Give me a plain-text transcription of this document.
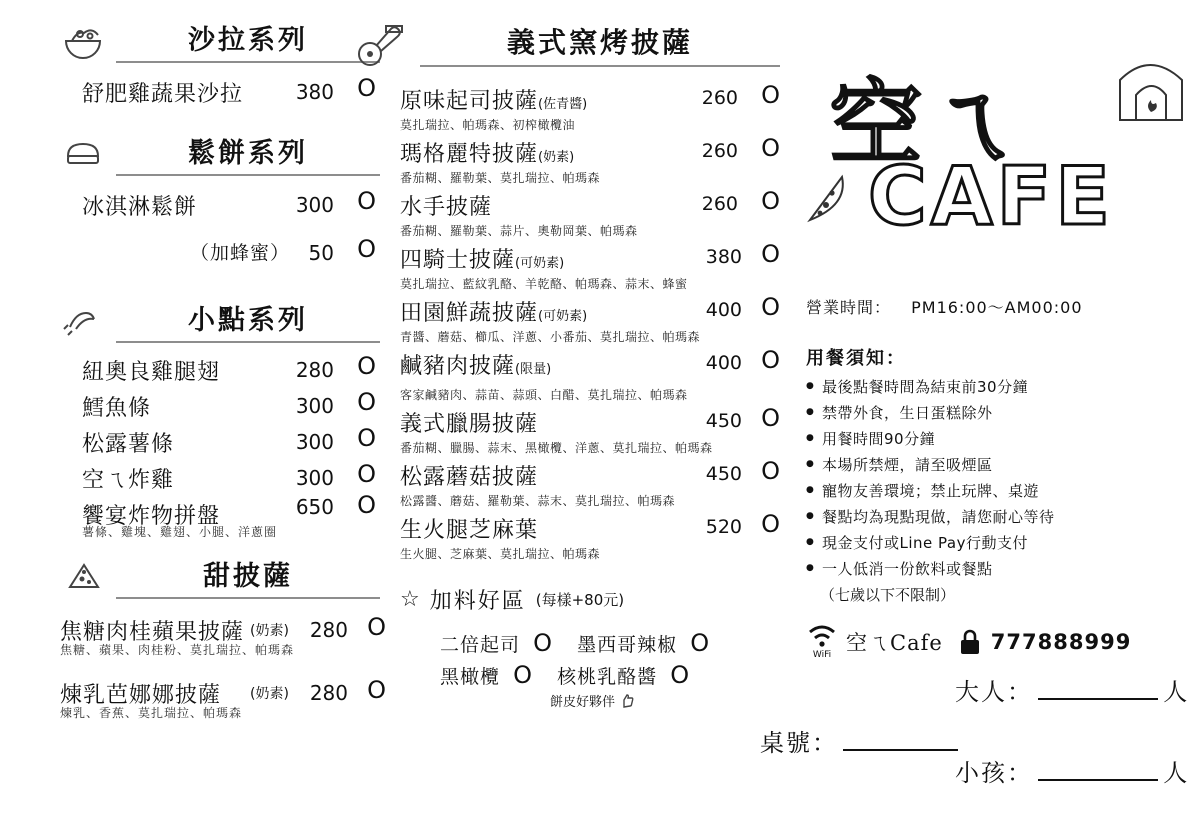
沙拉系列
舒肥雞蔬果沙拉	380 O
鬆餅系列
冰淇淋鬆餅	300 O
（加蜂蜜） 50 O
小點系列
紐奧良雞腿翅	280 O
鱈魚條	300 O
松露薯條	300 O
空ㄟ炸雞	300 O
饗宴炸物拼盤	650 O
薯條、雞塊、雞翅、小腿、洋蔥圈
甜披薩
焦糖肉桂蘋果披薩 (奶素) 280 O
焦糖、蘋果、肉桂粉、莫扎瑞拉、帕瑪森
煉乳芭娜娜披薩 (奶素) 280 O
煉乳、香蕉、莫扎瑞拉、帕瑪森
義式窯烤披薩
原味起司披薩(佐青醬)	260 O
莫扎瑞拉、帕瑪森、初榨橄欖油
瑪格麗特披薩(奶素)	260 O
番茄糊、羅勒葉、莫扎瑞拉、帕瑪森
水手披薩	260 O
番茄糊、羅勒葉、蒜片、奧勒岡葉、帕瑪森
四騎士披薩(可奶素)	380 O
莫扎瑞拉、藍紋乳酪、羊乾酪、帕瑪森、蒜末、蜂蜜
田園鮮蔬披薩(可奶素)	400 O
青醬、蘑菇、櫛瓜、洋蔥、小番茄、莫扎瑞拉、帕瑪森
鹹豬肉披薩(限量)	400 O
客家鹹豬肉、蒜苗、蒜頭、白醋、莫扎瑞拉、帕瑪森
義式臘腸披薩	450 O
番茄糊、臘腸、蒜末、黑橄欖、洋蔥、莫扎瑞拉、帕瑪森
松露蘑菇披薩	450 O
松露醬、蘑菇、羅勒葉、蒜末、莫扎瑞拉、帕瑪森
生火腿芝麻葉	520 O
生火腿、芝麻葉、莫扎瑞拉、帕瑪森
☆ 加料好區 (每樣+80元)
二倍起司 O 墨西哥辣椒 O
黑橄欖 O 核桃乳酪醬 O
餅皮好夥伴
空ㄟ
CAFE
營業時間： PM16:00～AM00:00
用餐須知：
● 最後點餐時間為結束前30分鐘
● 禁帶外食，生日蛋糕除外
● 用餐時間90分鐘
● 本場所禁煙，請至吸煙區
● 寵物友善環境；禁止玩牌、桌遊
● 餐點均為現點現做，請您耐心等待
● 現金支付或Line Pay行動支付
● 一人低消一份飲料或餐點
（七歲以下不限制）
WiFi
空ㄟCafe 777888999
大人：	人
桌號：
小孩：	人
